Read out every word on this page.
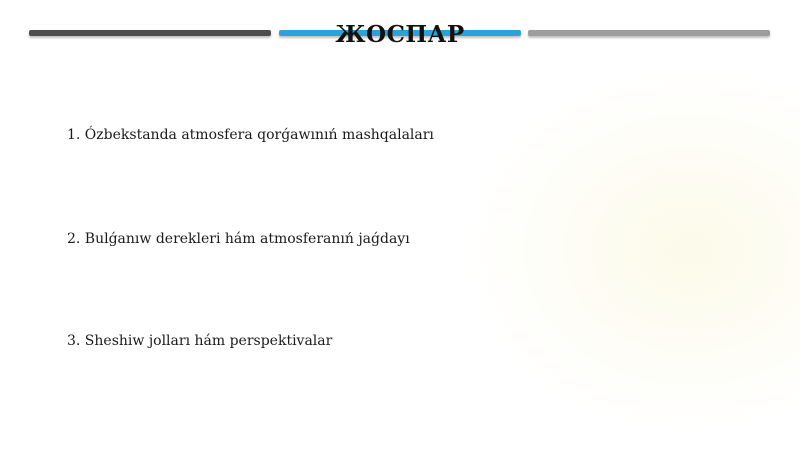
ЖОСПАР
1. Ózbekstanda atmosfera qorǵawınıń mashqalaları
2. Bulǵanıw derekleri hám atmosferanıń jaǵdayı
3. Sheshiw jolları hám perspektivalar
